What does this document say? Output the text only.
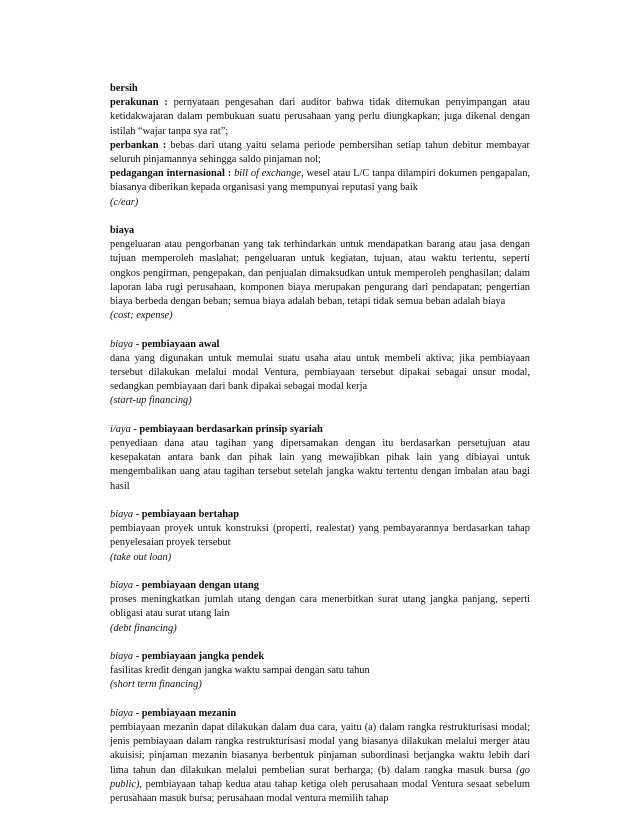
bersih

perakunan : pernyataan pengesahan dari auditor bahwa tidak ditemukan penyimpangan atau ketidakwajaran dalam pembukuan suatu perusahaan yang perlu diungkapkan; juga dikenal dengan istilah “wajar tanpa sya rat”;

perbankan : bebas dari utang yaitu selama periode pembersihan setiap tahun debitur membayar seluruh pinjamannya sehingga saldo pinjaman nol;

pedagangan internasional : bill of exchange, wesel atau L/C tanpa dilampiri dokumen pengapalan, biasanya diberikan kepada organisasi yang mempunyai reputasi yang baik

(c/ear)

biaya

pengeluaran atau pengorbanan yang tak terhindarkan untuk mendapatkan barang atau jasa dengan tujuan memperoleh maslahat; pengeluaran untuk kegiatan, tujuan, atau waktu tertentu, seperti ongkos pengirman, pengepakan, dan penjualan dimaksudkan untuk memperoleh penghasilan; dalam laporan laba rugi perusahaan, komponen biaya merupakan pengurang dari pendapatan; pengertian biaya berbeda dengan beban; semua biaya adalah beban, tetapi tidak semua beban adalah biaya

(cost; expense)

biaya - pembiayaan awal

dana yang digunakan untuk memulai suatu usaha atau untuk membeli aktiva; jika pembiayaan tersebut dilakukan melalui modal Ventura, pembiayaan tersebut dipakai sebagai unsur modal, sedangkan pembiayaan dari bank dipakai sebagai modal kerja

(start-up financing)

i/aya - pembiayaan berdasarkan prinsip syariah

penyediaan dana atau tagihan yang dipersamakan dengan itu berdasarkan persetujuan atau kesepakatan antara bank dan pihak lain yang mewajibkan pihak lain yang dibiayai untuk mengembalikan uang atau tagihan tersebut setelah jangka waktu tertentu dengan imbalan atau bagi hasil

biaya - pembiayaan bertahap

pembiayaan proyek untuk konstruksi (properti, realestat) yang pembayarannya berdasarkan tahap penyelesaian proyek tersebut

(take out loan)

biaya - pembiayaan dengan utang

proses meningkatkan jumlah utang dengan cara menerbitkan surat utang jangka panjang, seperti obligasi atau surat utang lain

(debt financing)

biaya - pembiayaan jangka pendek

fasilitas kredit dengan jangka waktu sampai dengan satu tahun

(short term financing)

biaya - pembiayaan mezanin

pembiayaan mezanin dapat dilakukan dalam dua cara, yaitu (a) dalam rangka restrukturisasi modal; jenis pembiayaan dalam rangka restrukturisasi modal yang biasanya dilakukan melalui merger atau akuisisi; pinjaman mezanin biasanya berbentuk pinjaman subordinasi berjangka waktu lebih dari lima tahun dan dilakukan melalui pembelian surat berharga; (b) dalam rangka masuk bursa (go public), pembiayaan tahap kedua atau tahap ketiga oleh perusahaan modal Ventura sesaat sebelum perusahaan masuk bursa; perusahaan modal ventura memilih tahap
